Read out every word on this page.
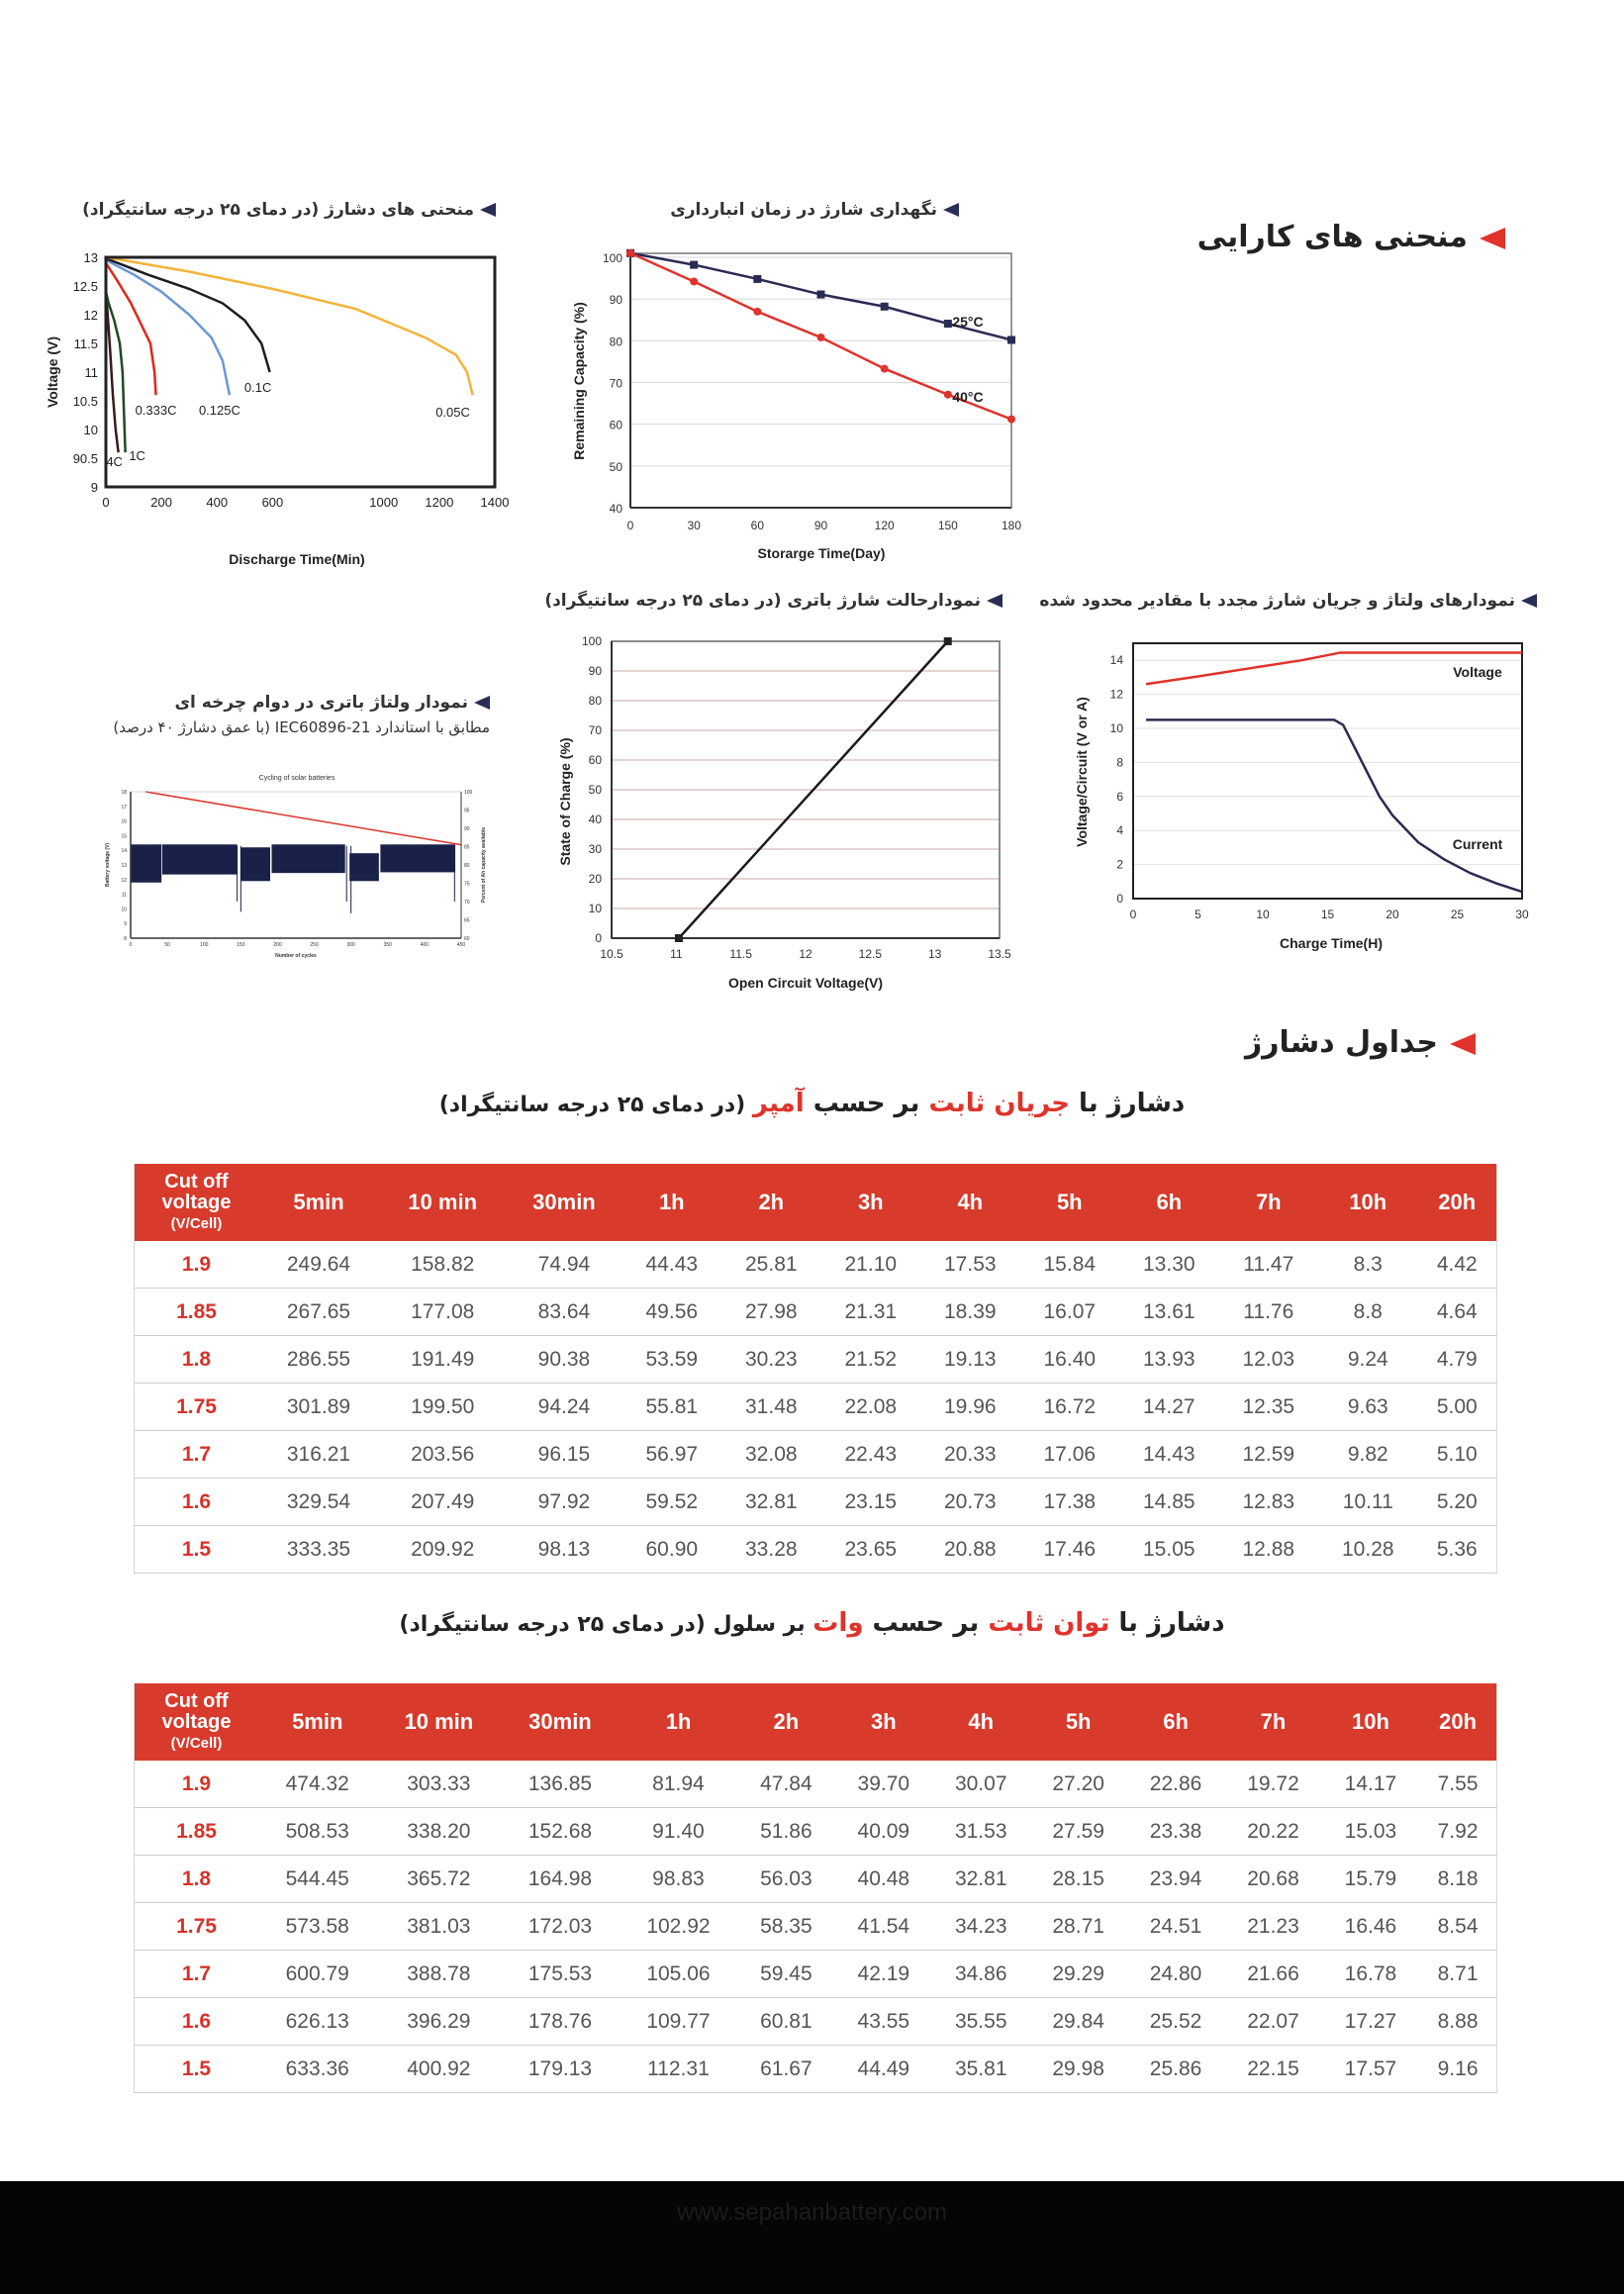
منحنی های کارایی
منحنی های دشارژ (در دمای ۲۵ درجه سانتیگراد)	نگهداری شارژ در زمان انبارداری
نمودارهای ولتاژ و جریان شارژ مجدد با مقادیر محدود شده
نمودارحالت شارژ باتری (در دمای ۲۵ درجه سانتیگراد)
نمودار ولتاژ باتری در دوام چرخه ای
مطابق با استاندارد IEC60896-21 (با عمق دشارژ ۴۰ درصد)
13
12.5
12
11.5
11
10.5
10
90.5
9
0	200	400	600	1000 1200 1400
4C 1C
0.333C 0.125C
0.1C
0.05C
Discharge Time(Min)
Voltage (V)
100
90
80
70
60
50
40
0	30	60	90	120	150	180
25°C
40°C
Storarge Time(Day)
Remaining Capacity (%)
100
90
80
70
60
50
40
30
20
10
0
10.5	11	11.5	12	12.5	13	13.5
Open Circuit Voltage(V)
State of Charge (%)
14
12
10
8
6
4
2
0
0	5	10	15	20	25	30
Voltage
Current
Charge Time(H)
Voltage/Circuit (V or A)
Cycling of solar batteries
18
17
16
15
14
13
12
11
10
9
8
100
95
90
85
80
75
70
65
60
0	50	100	150	200	250	300	350	400	450
Number of cycles
Battery voltage (V)	Percent of Ah capacity available
جداول دشارژ
دشارژ با جریان ثابت بر حسب آمپر (در دمای ۲۵ درجه سانتیگراد)
Cut off
voltage
(V/Cell)	5min	10 min	30min	1h	2h	3h	4h	5h	6h	7h	10h	20h
1.9	249.64	158.82	74.94	44.43	25.81	21.10	17.53	15.84	13.30	11.47	8.3	4.42
1.85	267.65	177.08	83.64	49.56	27.98	21.31	18.39	16.07	13.61	11.76	8.8	4.64
1.8	286.55	191.49	90.38	53.59	30.23	21.52	19.13	16.40	13.93	12.03	9.24	4.79
1.75	301.89	199.50	94.24	55.81	31.48	22.08	19.96	16.72	14.27	12.35	9.63	5.00
1.7	316.21	203.56	96.15	56.97	32.08	22.43	20.33	17.06	14.43	12.59	9.82	5.10
1.6	329.54	207.49	97.92	59.52	32.81	23.15	20.73	17.38	14.85	12.83	10.11	5.20
1.5	333.35	209.92	98.13	60.90	33.28	23.65	20.88	17.46	15.05	12.88	10.28	5.36
دشارژ با توان ثابت بر حسب وات بر سلول (در دمای ۲۵ درجه سانتیگراد)
Cut off
voltage
(V/Cell)	5min	10 min	30min	1h	2h	3h	4h	5h	6h	7h	10h	20h
1.9	474.32	303.33	136.85	81.94	47.84	39.70	30.07	27.20	22.86	19.72	14.17	7.55
1.85	508.53	338.20	152.68	91.40	51.86	40.09	31.53	27.59	23.38	20.22	15.03	7.92
1.8	544.45	365.72	164.98	98.83	56.03	40.48	32.81	28.15	23.94	20.68	15.79	8.18
1.75	573.58	381.03	172.03	102.92	58.35	41.54	34.23	28.71	24.51	21.23	16.46	8.54
1.7	600.79	388.78	175.53	105.06	59.45	42.19	34.86	29.29	24.80	21.66	16.78	8.71
1.6	626.13	396.29	178.76	109.77	60.81	43.55	35.55	29.84	25.52	22.07	17.27	8.88
1.5	633.36	400.92	179.13	112.31	61.67	44.49	35.81	29.98	25.86	22.15	17.57	9.16
www.sepahanbattery.com
